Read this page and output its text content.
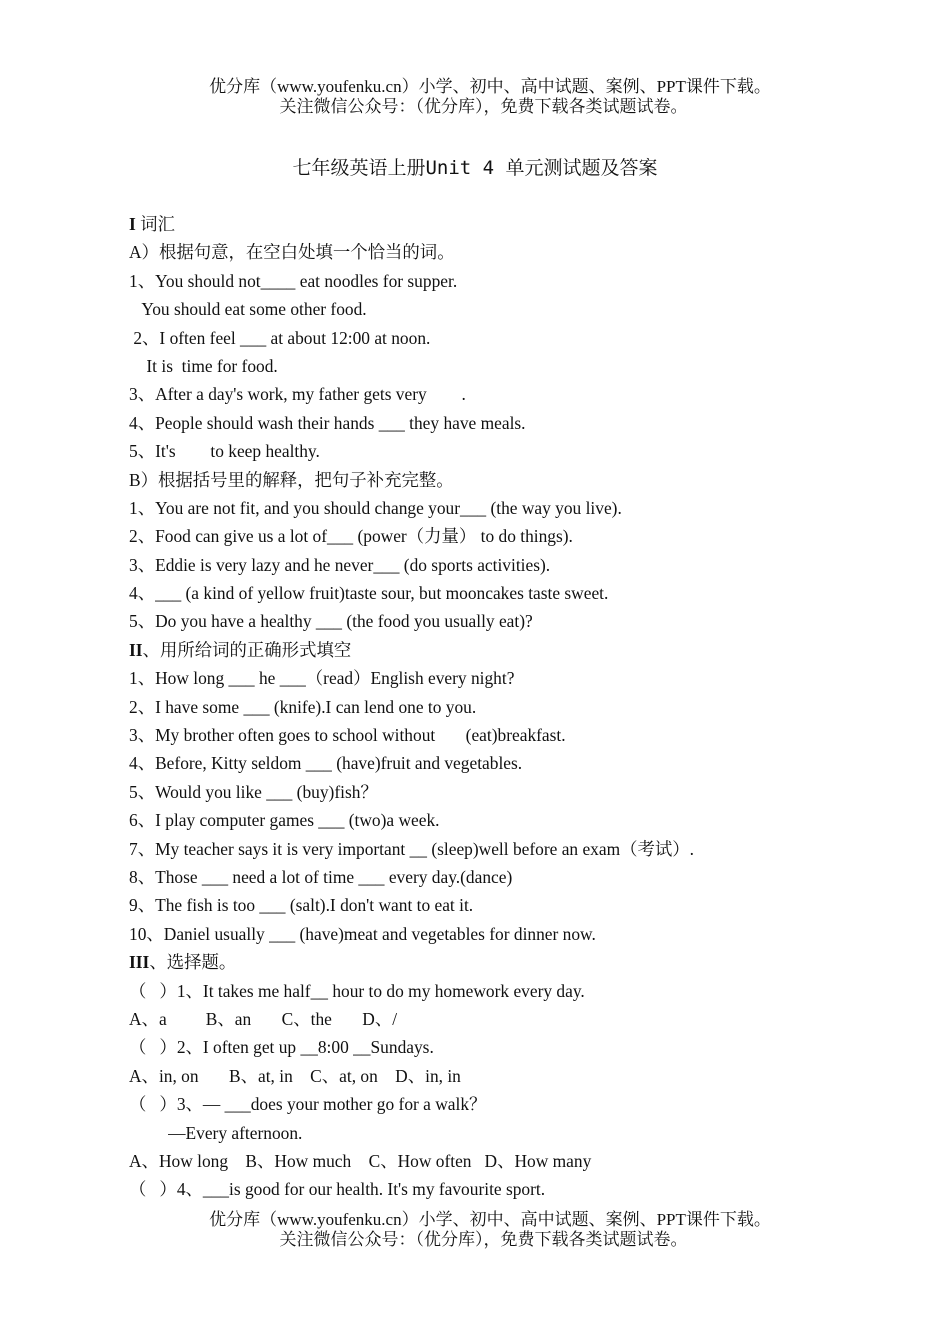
优分库（www.youfenku.cn）小学、初中、高中试题、案例、PPT课件下载。
关注微信公众号：（优分库），免费下载各类试题试卷。
七年级英语上册Unit 4 单元测试题及答案
I 词汇
A）根据句意，在空白处填一个恰当的词。
1、You should not____ eat noodles for supper.
You should eat some other food.
2、I often feel ___ at about 12:00 at noon.
It is  time for food.
3、After a day's work, my father gets very        .
4、People should wash their hands ___ they have meals.
5、It's        to keep healthy.
B）根据括号里的解释，把句子补充完整。
1、You are not fit, and you should change your___ (the way you live).
2、Food can give us a lot of___ (power（力量） to do things).
3、Eddie is very lazy and he never___ (do sports activities).
4、___ (a kind of yellow fruit)taste sour, but mooncakes taste sweet.
5、Do you have a healthy ___ (the food you usually eat)?
II、用所给词的正确形式填空
1、How long ___ he ___（read）English every night?
2、I have some ___ (knife).I can lend one to you.
3、My brother often goes to school without       (eat)breakfast.
4、Before, Kitty seldom ___ (have)fruit and vegetables.
5、Would you like ___ (buy)fish？
6、I play computer games ___ (two)a week.
7、My teacher says it is very important __ (sleep)well before an exam（考试）.
8、Those ___ need a lot of time ___ every day.(dance)
9、The fish is too ___ (salt).I don't want to eat it.
10、Daniel usually ___ (have)meat and vegetables for dinner now.
III、选择题。
（   ）1、It takes me half__ hour to do my homework every day.
A、a         B、an       C、the       D、/
（   ）2、I often get up __8:00 __Sundays.
A、in, on       B、at, in    C、at, on    D、in, in
（   ）3、— ___does your mother go for a walk？
—Every afternoon.
A、How long    B、How much    C、How often   D、How many
（   ）4、___is good for our health. It's my favourite sport.
优分库（www.youfenku.cn）小学、初中、高中试题、案例、PPT课件下载。
关注微信公众号：（优分库），免费下载各类试题试卷。
